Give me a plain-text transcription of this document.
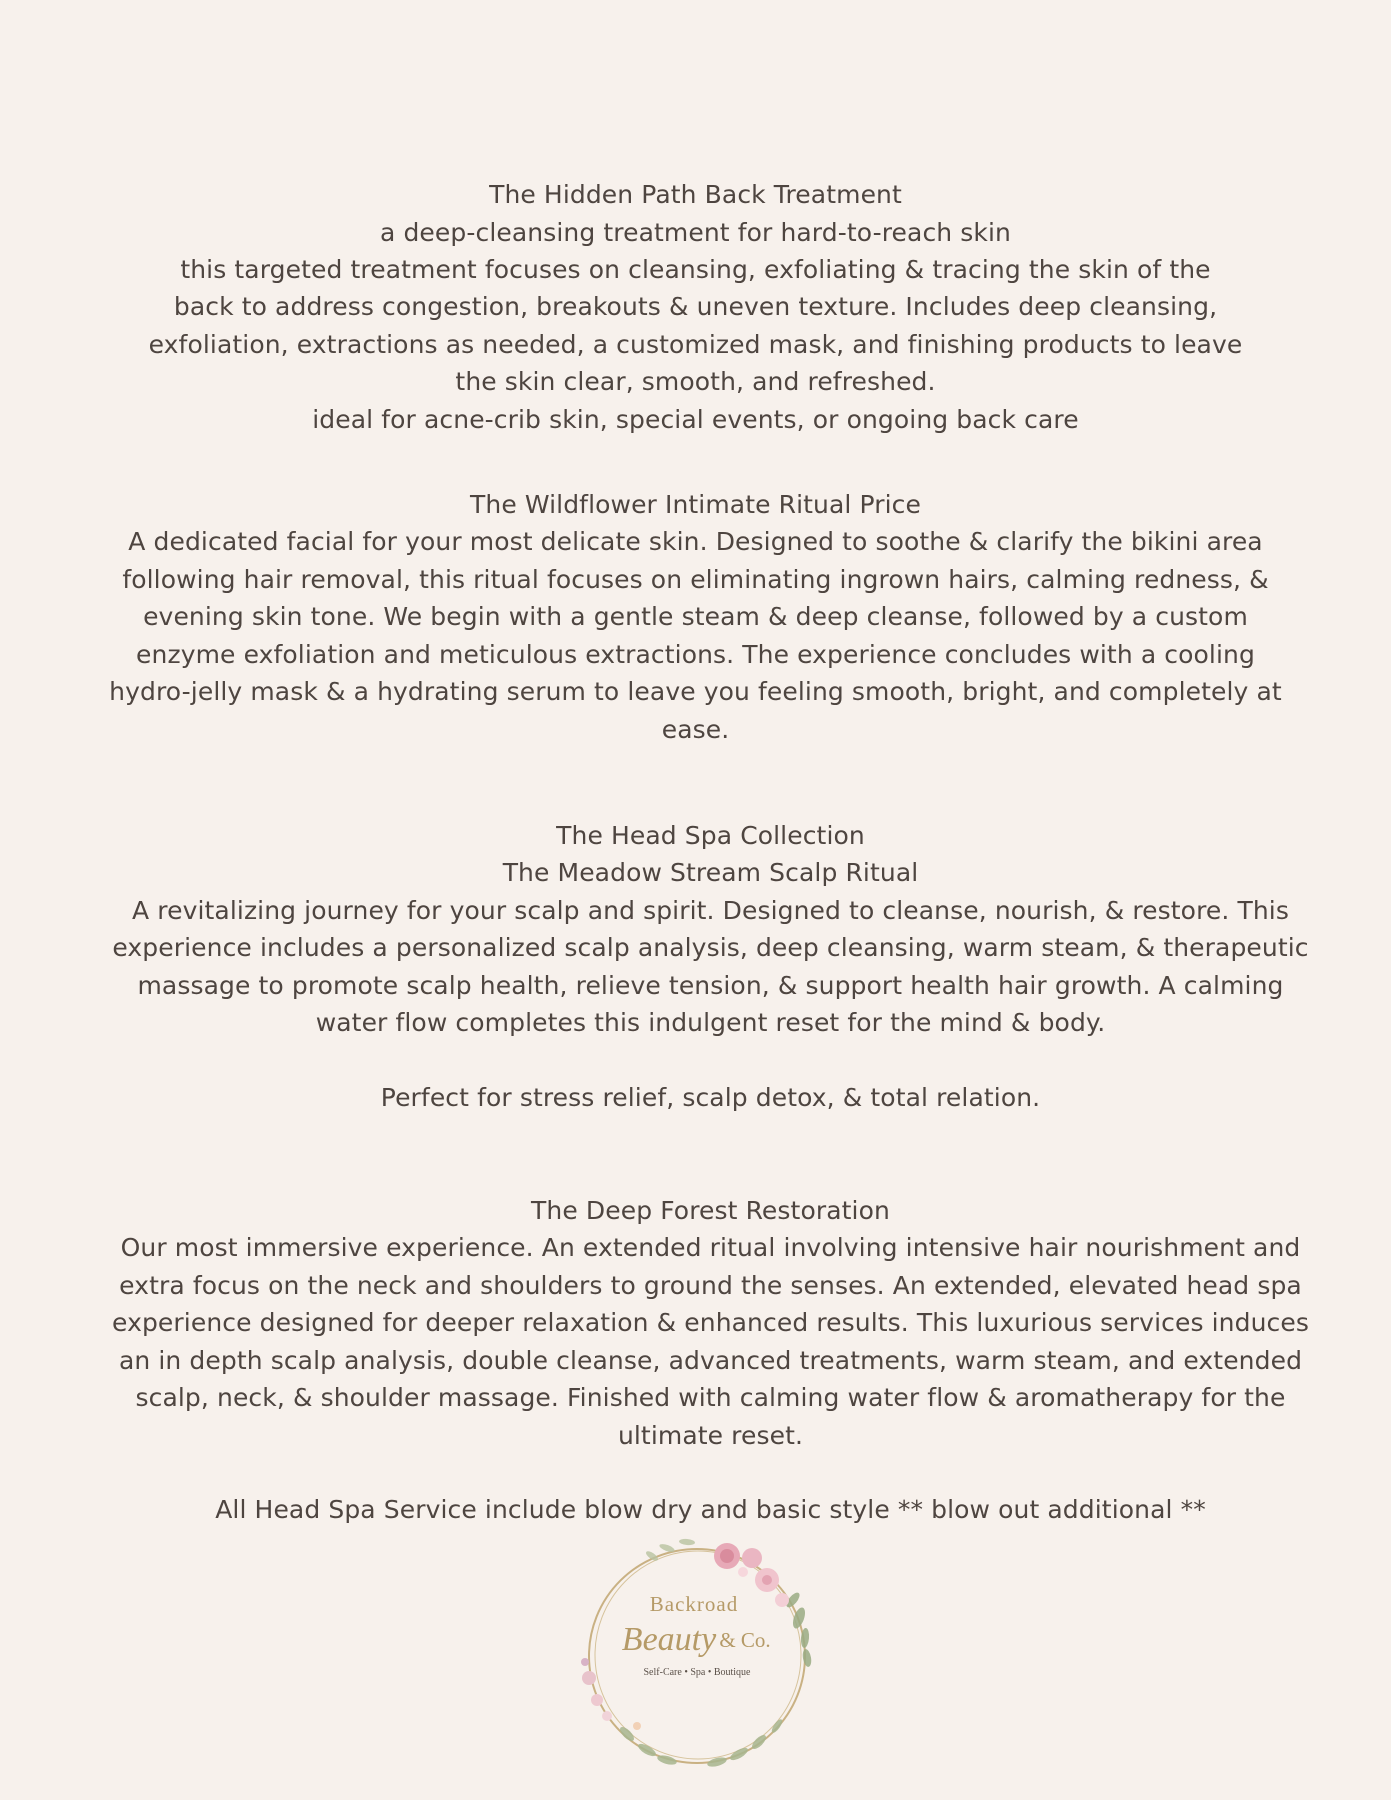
The Hidden Path Back Treatment
a deep-cleansing treatment for hard-to-reach skin
this targeted treatment focuses on cleansing, exfoliating & tracing the skin of the
back to address congestion, breakouts & uneven texture. Includes deep cleansing,
exfoliation, extractions as needed, a customized mask, and finishing products to leave
the skin clear, smooth, and refreshed.
ideal for acne-crib skin, special events, or ongoing back care
The Wildflower Intimate Ritual Price
A dedicated facial for your most delicate skin. Designed to soothe & clarify the bikini area
following hair removal, this ritual focuses on eliminating ingrown hairs, calming redness, &
evening skin tone. We begin with a gentle steam & deep cleanse, followed by a custom
enzyme exfoliation and meticulous extractions. The experience concludes with a cooling
hydro-jelly mask & a hydrating serum to leave you feeling smooth, bright, and completely at
ease.
The Head Spa Collection
The Meadow Stream Scalp Ritual
A revitalizing journey for your scalp and spirit. Designed to cleanse, nourish, & restore. This
experience includes a personalized scalp analysis, deep cleansing, warm steam, & therapeutic
massage to promote scalp health, relieve tension, & support health hair growth. A calming
water flow completes this indulgent reset for the mind & body.
Perfect for stress relief, scalp detox, & total relation.
The Deep Forest Restoration
Our most immersive experience. An extended ritual involving intensive hair nourishment and
extra focus on the neck and shoulders to ground the senses. An extended, elevated head spa
experience designed for deeper relaxation & enhanced results. This luxurious services induces
an in depth scalp analysis, double cleanse, advanced treatments, warm steam, and extended
scalp, neck, & shoulder massage. Finished with calming water flow & aromatherapy for the
ultimate reset.
All Head Spa Service include blow dry and basic style ** blow out additional **
Backroad
Beauty & Co.
Self-Care • Spa • Boutique
